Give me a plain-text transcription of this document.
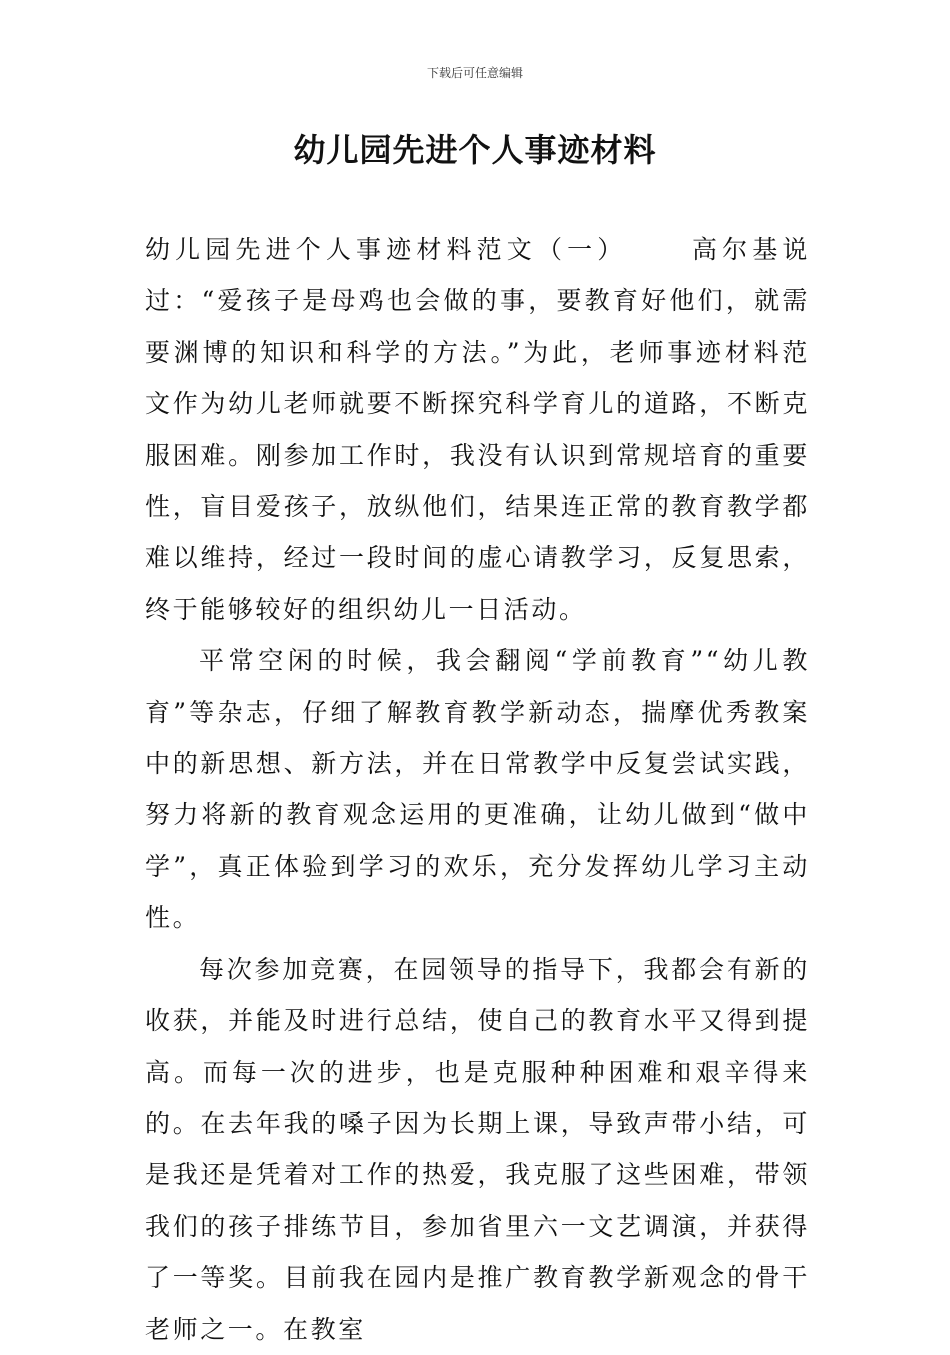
下载后可任意编辑
幼儿园先进个人事迹材料

幼儿园先进个人事迹材料范文（一） 高尔基说过：“爱孩子是母鸡也会做的事，要教育好他们，就需要渊博的知识和科学的方法。”为此，老师事迹材料范文作为幼儿老师就要不断探究科学育儿的道路，不断克服困难。刚参加工作时，我没有认识到常规培育的重要性，盲目爱孩子，放纵他们，结果连正常的教育教学都难以维持，经过一段时间的虚心请教学习，反复思索，终于能够较好的组织幼儿一日活动。

平常空闲的时候，我会翻阅“学前教育”“幼儿教育”等杂志，仔细了解教育教学新动态，揣摩优秀教案中的新思想、新方法，并在日常教学中反复尝试实践，努力将新的教育观念运用的更准确，让幼儿做到“做中学”，真正体验到学习的欢乐，充分发挥幼儿学习主动性。

每次参加竞赛，在园领导的指导下，我都会有新的收获，并能及时进行总结，使自己的教育水平又得到提高。而每一次的进步，也是克服种种困难和艰辛得来的。在去年我的嗓子因为长期上课，导致声带小结，可是我还是凭着对工作的热爱，我克服了这些困难，带领我们的孩子排练节目，参加省里六一文艺调演，并获得了一等奖。目前我在园内是推广教育教学新观念的骨干老师之一。在教室
